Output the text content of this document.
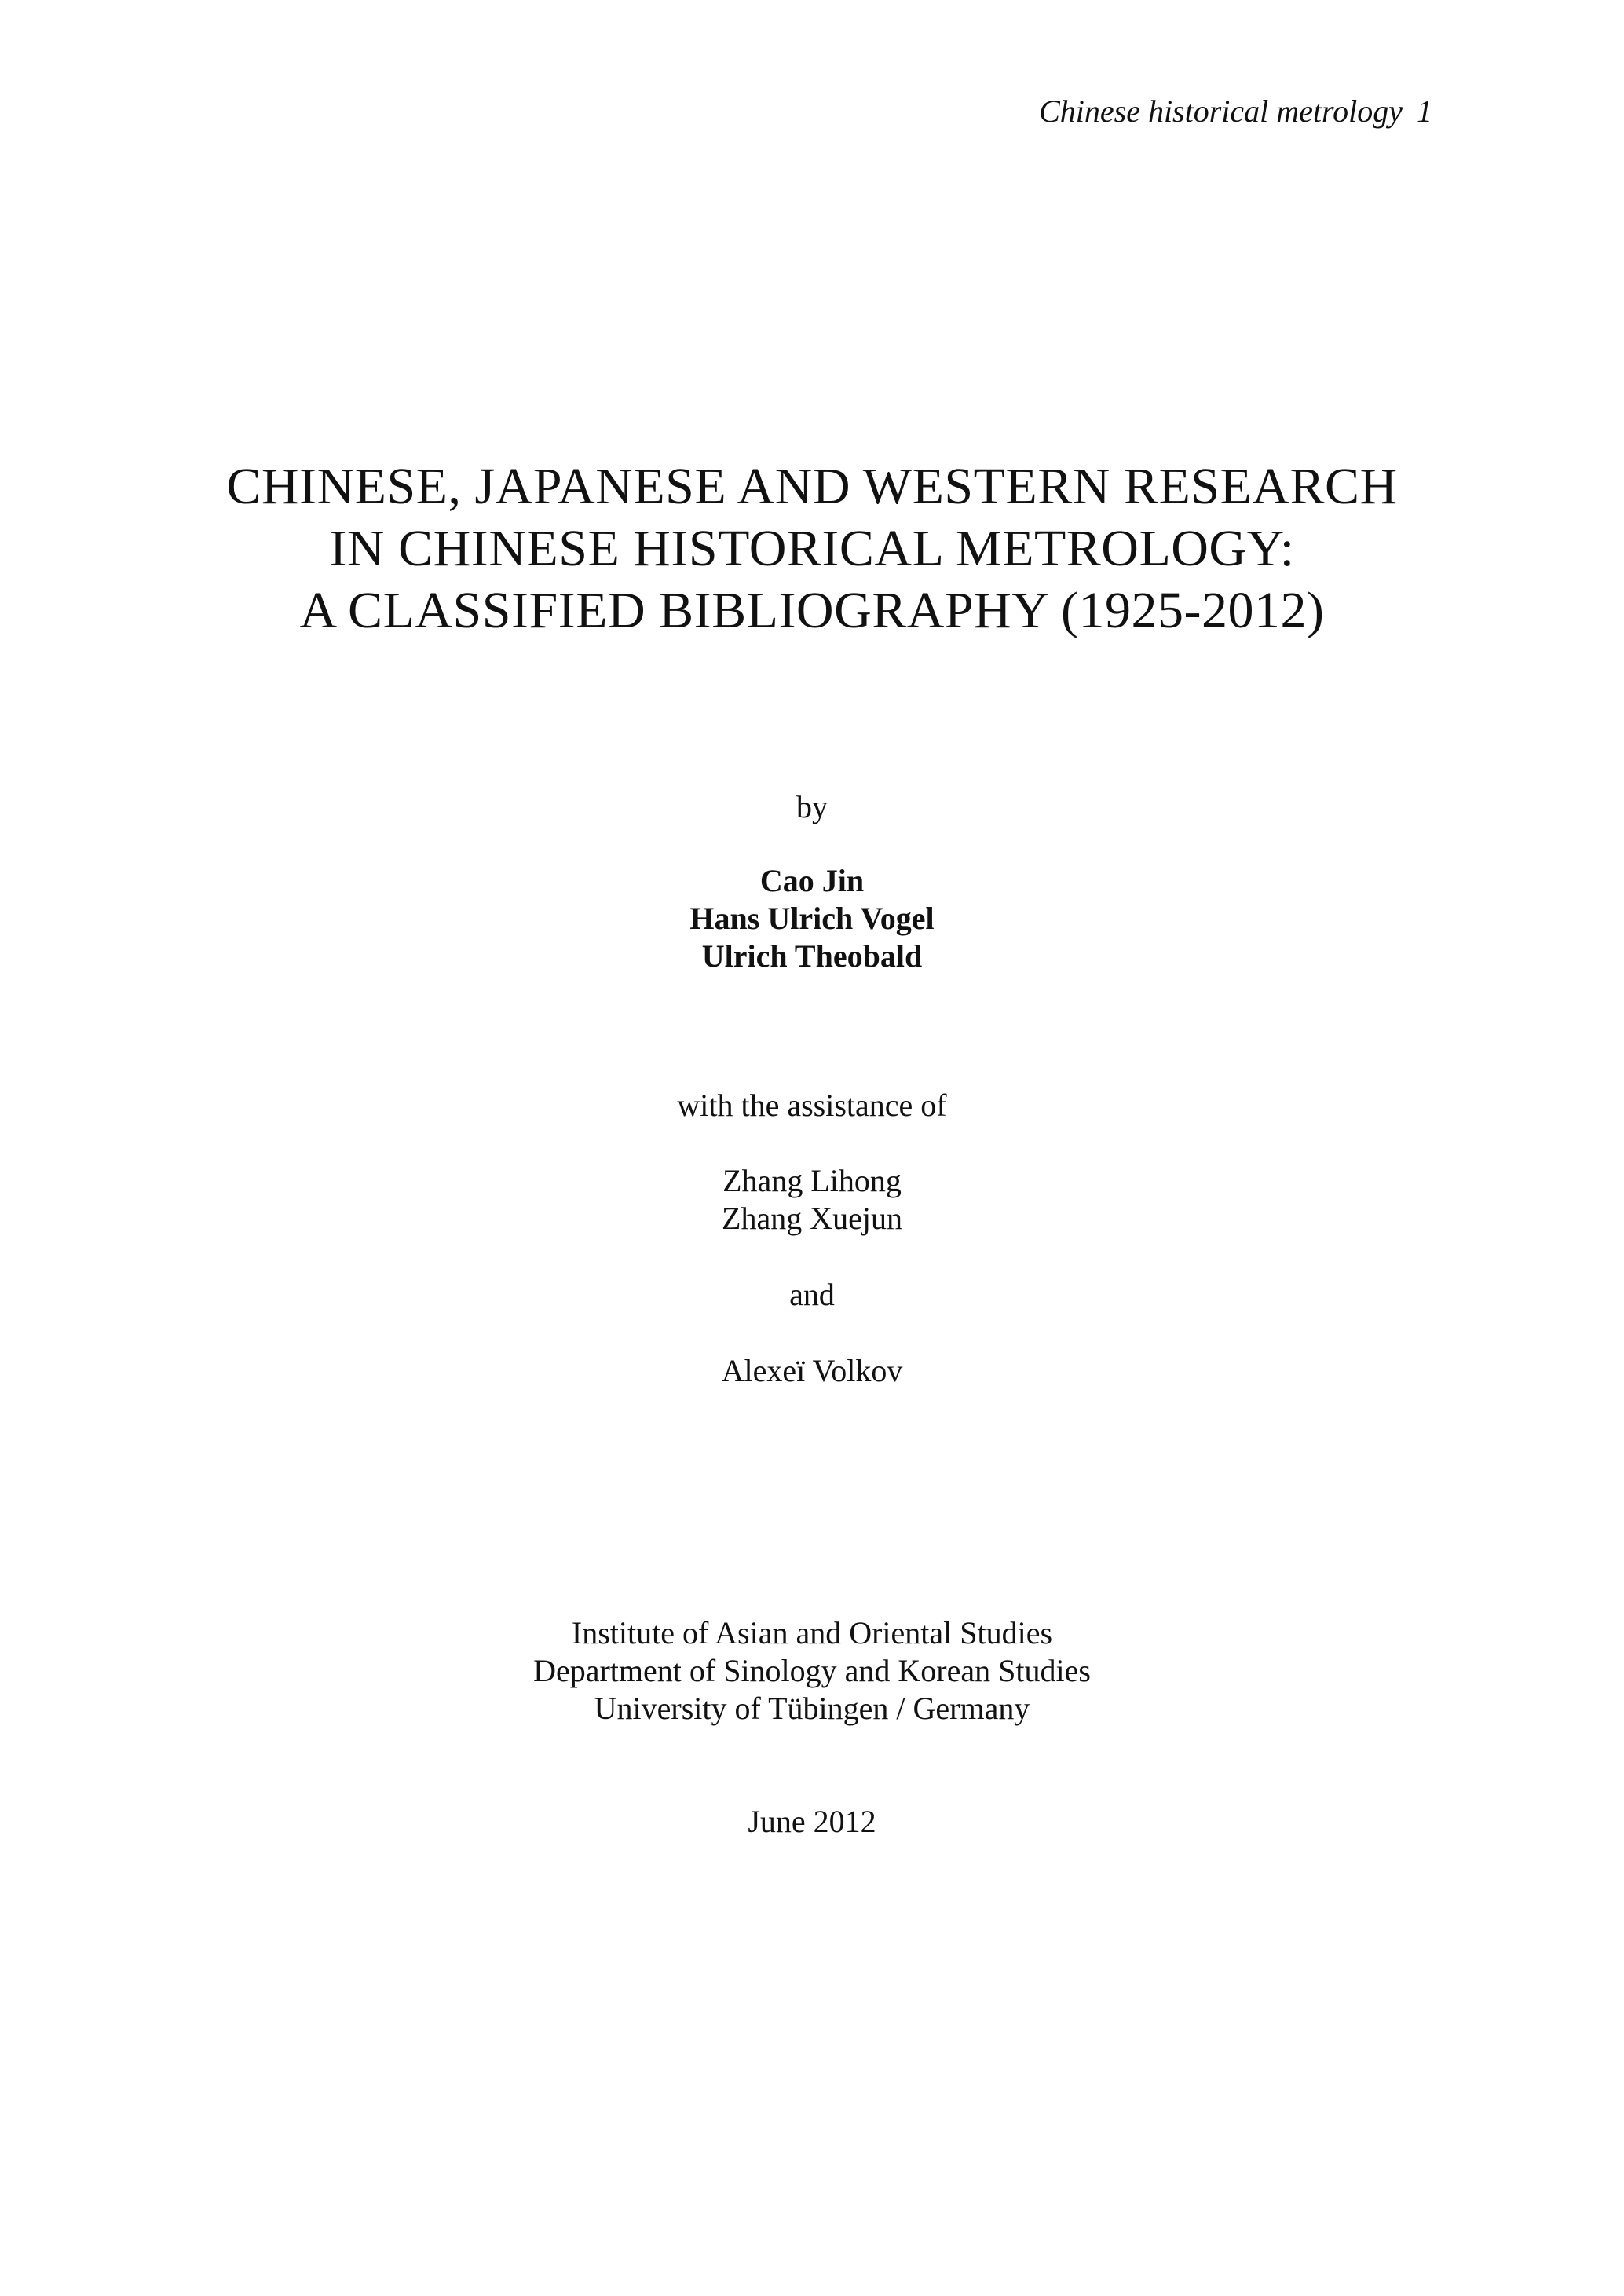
Chinese historical metrology 1
CHINESE, JAPANESE AND WESTERN RESEARCH
IN CHINESE HISTORICAL METROLOGY:
A CLASSIFIED BIBLIOGRAPHY (1925-2012)
by
Cao Jin
Hans Ulrich Vogel
Ulrich Theobald
with the assistance of
Zhang Lihong
Zhang Xuejun
and
Alexeï Volkov
Institute of Asian and Oriental Studies
Department of Sinology and Korean Studies
University of Tübingen / Germany
June 2012
